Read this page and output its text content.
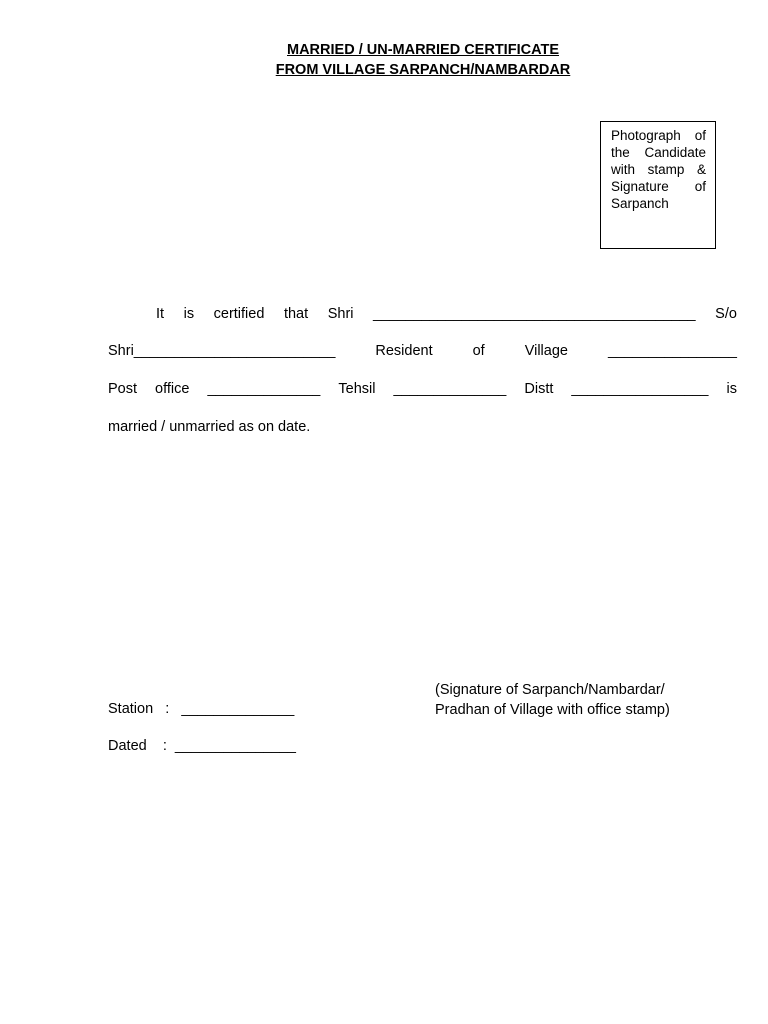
MARRIED / UN-MARRIED CERTIFICATE
FROM VILLAGE SARPANCH/NAMBARDAR
Photograph of
the Candidate
with stamp &
Signature of
Sarpanch
It is certified that Shri ________________________________________ S/o
Shri_________________________	Resident	of	Village	________________
Post office ______________ Tehsil ______________ Distt _________________ is
married / unmarried as on date.
(Signature of Sarpanch/Nambardar/
Pradhan of Village with office stamp)
Station : ______________
Dated : _______________
